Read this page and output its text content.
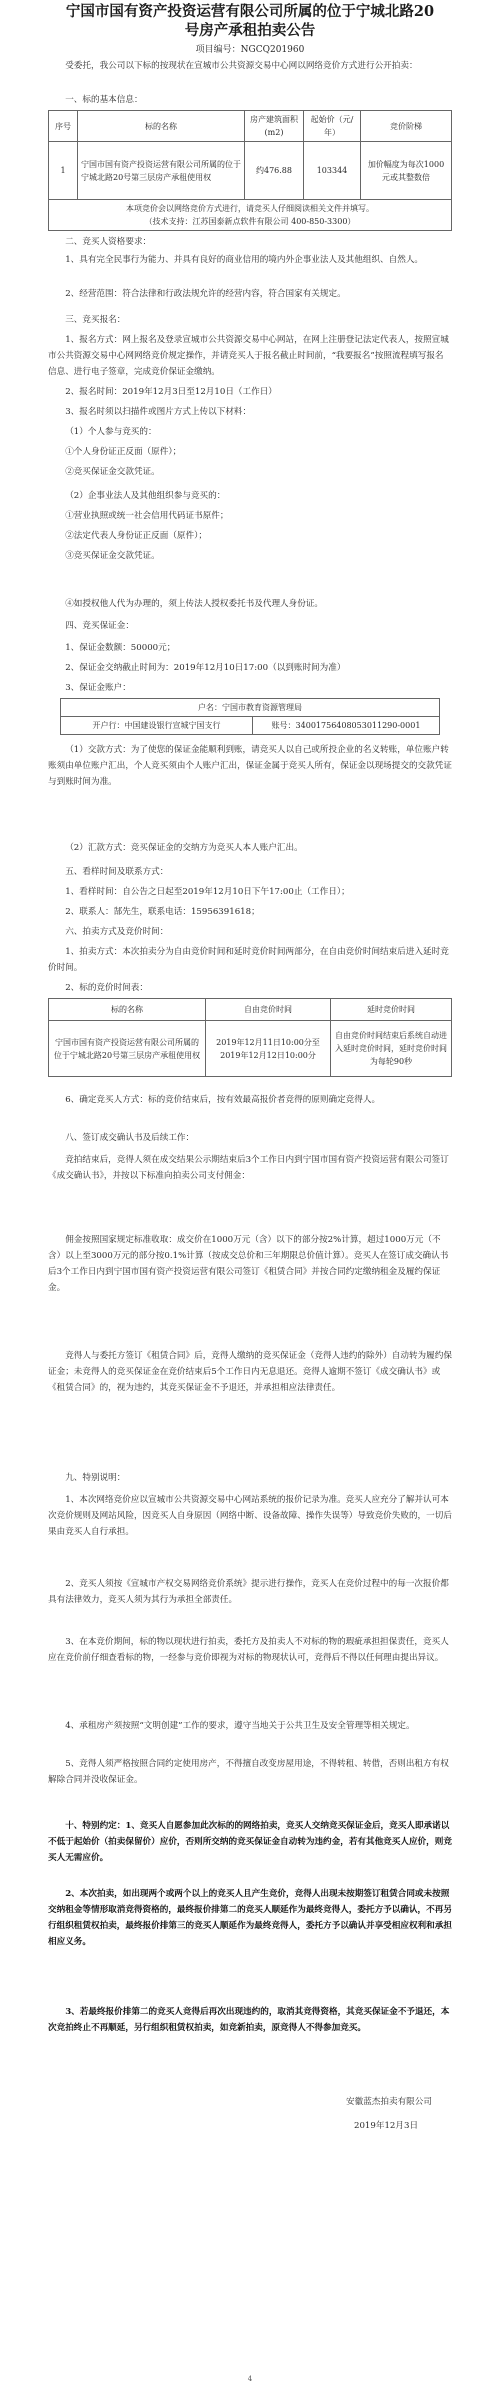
宁国市国有资产投资运营有限公司所属的位于宁城北路20号房产承租拍卖公告
项目编号：NGCQ201960

受委托，我公司以下标的按现状在宣城市公共资源交易中心网以网络竞价方式进行公开拍卖：

一、标的基本信息：

序号	标的名称	房产建筑面积(m2)	起始价（元/年）	竞价阶梯
1	宁国市国有资产投资运营有限公司所属的位于宁城北路20号第三层房产承租使用权	约476.88	103344	加价幅度为每次1000元或其整数倍

本项竞价会以网络竞价方式进行，请竞买人仔细阅读相关文件并填写。
（技术支持：江苏国泰新点软件有限公司 400-850-3300）				

二、竞买人资格要求：

1、具有完全民事行为能力、并具有良好的商业信用的境内外企事业法人及其他组织、自然人。

2、经营范围：符合法律和行政法规允许的经营内容，符合国家有关规定。

三、竞买报名：

1、报名方式：网上报名及登录宣城市公共资源交易中心网站，在网上注册登记法定代表人，按照宣城市公共资源交易中心网网络竞价规定操作，并请竞买人于报名截止时间前，“我要报名”按照流程填写报名信息、进行电子签章，完成竞价保证金缴纳。

2、报名时间：2019年12月3日至12月10日（工作日）

3、报名时须以扫描件或图片方式上传以下材料：

（1）个人参与竞买的：

①个人身份证正反面（原件）；

②竞买保证金交款凭证。

（2）企事业法人及其他组织参与竞买的：

①营业执照或统一社会信用代码证书原件；

②法定代表人身份证正反面（原件）；

③竞买保证金交款凭证。

④如授权他人代为办理的，须上传法人授权委托书及代理人身份证。

四、竞买保证金：

1、保证金数额：50000元；

2、保证金交纳截止时间为：2019年12月10日17:00（以到账时间为准）

3、保证金账户：

户名：宁国市教育资源管理局
开户行：中国建设银行宣城宁国支行	账号：34001756408053011290-0001

（1）交款方式：为了使您的保证金能顺利到账，请竞买人以自己或所投企业的名义转账，单位账户转账须由单位账户汇出，个人竞买须由个人账户汇出，保证金属于竞买人所有，保证金以现场提交的交款凭证与到账时间为准。

（2）汇款方式：竞买保证金的交纳方为竞买人本人账户汇出。

五、看样时间及联系方式：

1、看样时间：自公告之日起至2019年12月10日下午17:00止（工作日）；

2、联系人：郜先生，联系电话：15956391618；

六、拍卖方式及竞价时间：

1、拍卖方式：本次拍卖分为自由竞价时间和延时竞价时间两部分，在自由竞价时间结束后进入延时竞价时间。

2、标的竞价时间表：

标的名称	自由竞价时间	延时竞价时间
宁国市国有资产投资运营有限公司所属的位于宁城北路20号第三层房产承租使用权	2019年12月11日10:00分至2019年12月12日10:00分	自由竞价时间结束后系统自动进入延时竞价时间，延时竞价时间为每轮90秒

6、确定竞买人方式：标的竞价结束后，按有效最高报价者竞得的原则确定竞得人。

八、签订成交确认书及后续工作：

竞拍结束后，竞得人须在成交结果公示期结束后3个工作日内到宁国市国有资产投资运营有限公司签订《成交确认书》，并按以下标准向拍卖公司支付佣金：

佣金按照国家规定标准收取：成交价在1000万元（含）以下的部分按2%计算，超过1000万元（不含）以上至3000万元的部分按0.1%计算（按成交总价和三年期限总价值计算）。竞买人在签订成交确认书后3个工作日内到宁国市国有资产投资运营有限公司签订《租赁合同》并按合同约定缴纳租金及履约保证金。

竞得人与委托方签订《租赁合同》后，竞得人缴纳的竞买保证金（竞得人违约的除外）自动转为履约保证金；未竞得人的竞买保证金在竞价结束后5个工作日内无息退还。竞得人逾期不签订《成交确认书》或《租赁合同》的，视为违约，其竞买保证金不予退还，并承担相应法律责任。

九、特别说明：

1、本次网络竞价应以宣城市公共资源交易中心网站系统的报价记录为准。竞买人应充分了解并认可本次竞价规则及网站风险，因竞买人自身原因（网络中断、设备故障、操作失误等）导致竞价失败的，一切后果由竞买人自行承担。

2、竞买人须按《宣城市产权交易网络竞价系统》提示进行操作，竞买人在竞价过程中的每一次报价都具有法律效力，竞买人须为其行为承担全部责任。

3、在本竞价期间，标的物以现状进行拍卖，委托方及拍卖人不对标的物的瑕疵承担担保责任，竞买人应在竞价前仔细查看标的物，一经参与竞价即视为对标的物现状认可，竞得后不得以任何理由提出异议。

4、承租房产须按照“文明创建”工作的要求，遵守当地关于公共卫生及安全管理等相关规定。

5、竞得人须严格按照合同约定使用房产，不得擅自改变房屋用途，不得转租、转借，否则出租方有权解除合同并没收保证金。

十、特别约定：1、竞买人自愿参加此次标的的网络拍卖，竞买人交纳竞买保证金后，竞买人即承诺以不低于起始价（拍卖保留价）应价，否则所交纳的竞买保证金自动转为违约金，若有其他竞买人应价，则竞买人无需应价。

2、本次拍卖，如出现两个或两个以上的竞买人且产生竞价，竞得人出现未按期签订租赁合同或未按照交纳租金等情形取消竞得资格的，最终报价排第二的竞买人顺延作为最终竞得人，委托方予以确认，不再另行组织租赁权拍卖，最终报价排第三的竞买人顺延作为最终竞得人，委托方予以确认并享受相应权利和承担相应义务。

3、若最终报价排第二的竞买人竞得后再次出现违约的，取消其竞得资格，其竞买保证金不予退还，本次竞拍终止不再顺延，另行组织租赁权拍卖，如竞新拍卖，原竞得人不得参加竞买。

安徽蓝杰拍卖有限公司
2019年12月3日
4
